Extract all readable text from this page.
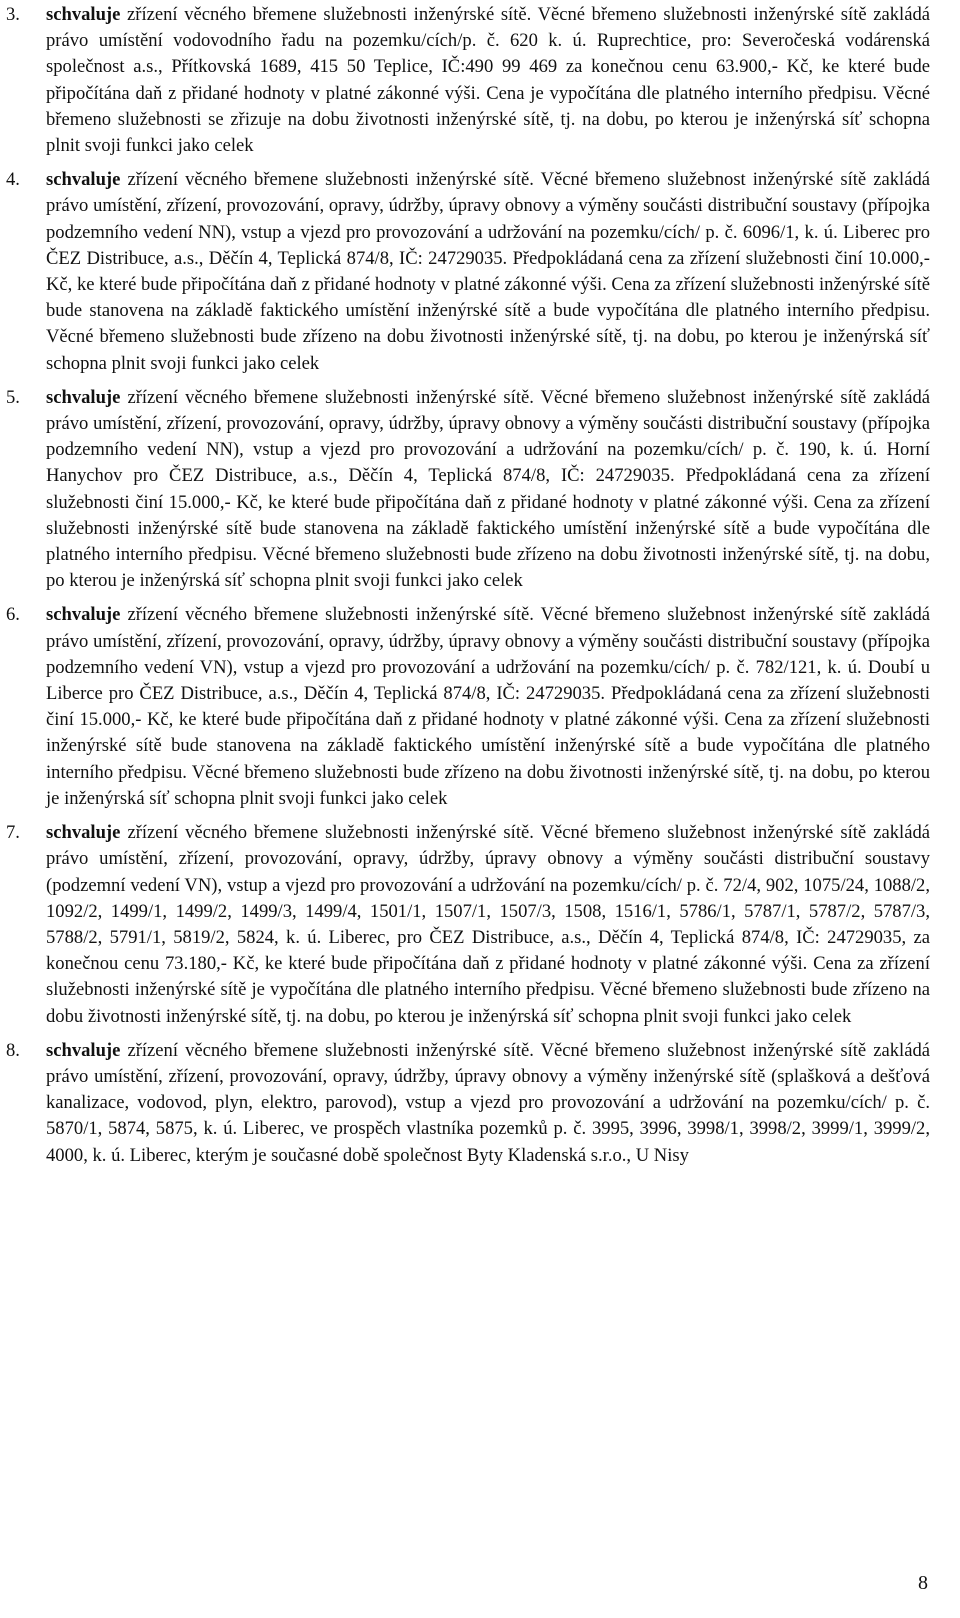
3.	schvaluje zřízení věcného břemene služebnosti inženýrské sítě. Věcné břemeno služebnosti inženýrské sítě zakládá právo umístění vodovodního řadu na pozemku/cích/p. č. 620 k. ú. Ruprechtice, pro: Severočeská vodárenská společnost a.s., Přítkovská 1689, 415 50 Teplice, IČ:490 99 469 za konečnou cenu 63.900,- Kč, ke které bude připočítána daň z přidané hodnoty v platné zákonné výši. Cena je vypočítána dle platného interního předpisu. Věcné břemeno služebnosti se zřizuje na dobu životnosti inženýrské sítě, tj. na dobu, po kterou je inženýrská síť schopna plnit svoji funkci jako celek
4.	schvaluje zřízení věcného břemene služebnosti inženýrské sítě. Věcné břemeno služebnost inženýrské sítě zakládá právo umístění, zřízení, provozování, opravy, údržby, úpravy obnovy a výměny součásti distribuční soustavy (přípojka podzemního vedení NN), vstup a vjezd pro provozování a udržování na pozemku/cích/ p. č. 6096/1, k. ú. Liberec pro ČEZ Distribuce, a.s., Děčín 4, Teplická 874/8, IČ: 24729035. Předpokládaná cena za zřízení služebnosti činí 10.000,- Kč, ke které bude připočítána daň z přidané hodnoty v platné zákonné výši. Cena za zřízení služebnosti inženýrské sítě bude stanovena na základě faktického umístění inženýrské sítě a bude vypočítána dle platného interního předpisu. Věcné břemeno služebnosti bude zřízeno na dobu životnosti inženýrské sítě, tj. na dobu, po kterou je inženýrská síť schopna plnit svoji funkci jako celek
5.	schvaluje zřízení věcného břemene služebnosti inženýrské sítě. Věcné břemeno služebnost inženýrské sítě zakládá právo umístění, zřízení, provozování, opravy, údržby, úpravy obnovy a výměny součásti distribuční soustavy (přípojka podzemního vedení NN), vstup a vjezd pro provozování a udržování na pozemku/cích/ p. č. 190, k. ú. Horní Hanychov pro ČEZ Distribuce, a.s., Děčín 4, Teplická 874/8, IČ: 24729035. Předpokládaná cena za zřízení služebnosti činí 15.000,- Kč, ke které bude připočítána daň z přidané hodnoty v platné zákonné výši. Cena za zřízení služebnosti inženýrské sítě bude stanovena na základě faktického umístění inženýrské sítě a bude vypočítána dle platného interního předpisu. Věcné břemeno služebnosti bude zřízeno na dobu životnosti inženýrské sítě, tj. na dobu, po kterou je inženýrská síť schopna plnit svoji funkci jako celek
6.	schvaluje zřízení věcného břemene služebnosti inženýrské sítě. Věcné břemeno služebnost inženýrské sítě zakládá právo umístění, zřízení, provozování, opravy, údržby, úpravy obnovy a výměny součásti distribuční soustavy (přípojka podzemního vedení VN), vstup a vjezd pro provozování a udržování na pozemku/cích/ p. č. 782/121, k. ú. Doubí u Liberce pro ČEZ Distribuce, a.s., Děčín 4, Teplická 874/8, IČ: 24729035. Předpokládaná cena za zřízení služebnosti činí 15.000,- Kč, ke které bude připočítána daň z přidané hodnoty v platné zákonné výši. Cena za zřízení služebnosti inženýrské sítě bude stanovena na základě faktického umístění inženýrské sítě a bude vypočítána dle platného interního předpisu. Věcné břemeno služebnosti bude zřízeno na dobu životnosti inženýrské sítě, tj. na dobu, po kterou je inženýrská síť schopna plnit svoji funkci jako celek
7.	schvaluje zřízení věcného břemene služebnosti inženýrské sítě. Věcné břemeno služebnost inženýrské sítě zakládá právo umístění, zřízení, provozování, opravy, údržby, úpravy obnovy a výměny součásti distribuční soustavy (podzemní vedení VN), vstup a vjezd pro provozování a udržování na pozemku/cích/ p. č. 72/4, 902, 1075/24, 1088/2, 1092/2, 1499/1, 1499/2, 1499/3, 1499/4, 1501/1, 1507/1, 1507/3, 1508, 1516/1, 5786/1, 5787/1, 5787/2, 5787/3, 5788/2, 5791/1, 5819/2, 5824, k. ú. Liberec, pro ČEZ Distribuce, a.s., Děčín 4, Teplická 874/8, IČ: 24729035, za konečnou cenu 73.180,- Kč, ke které bude připočítána daň z přidané hodnoty v platné zákonné výši. Cena za zřízení služebnosti inženýrské sítě je vypočítána dle platného interního předpisu. Věcné břemeno služebnosti bude zřízeno na dobu životnosti inženýrské sítě, tj. na dobu, po kterou je inženýrská síť schopna plnit svoji funkci jako celek
8.	schvaluje zřízení věcného břemene služebnosti inženýrské sítě. Věcné břemeno služebnost inženýrské sítě zakládá právo umístění, zřízení, provozování, opravy, údržby, úpravy obnovy a výměny inženýrské sítě (splašková a dešťová kanalizace, vodovod, plyn, elektro, parovod), vstup a vjezd pro provozování a udržování na pozemku/cích/ p. č. 5870/1, 5874, 5875, k. ú. Liberec, ve prospěch vlastníka pozemků p. č. 3995, 3996, 3998/1, 3998/2, 3999/1, 3999/2, 4000, k. ú. Liberec, kterým je současné době společnost Byty Kladenská s.r.o., U Nisy
8
